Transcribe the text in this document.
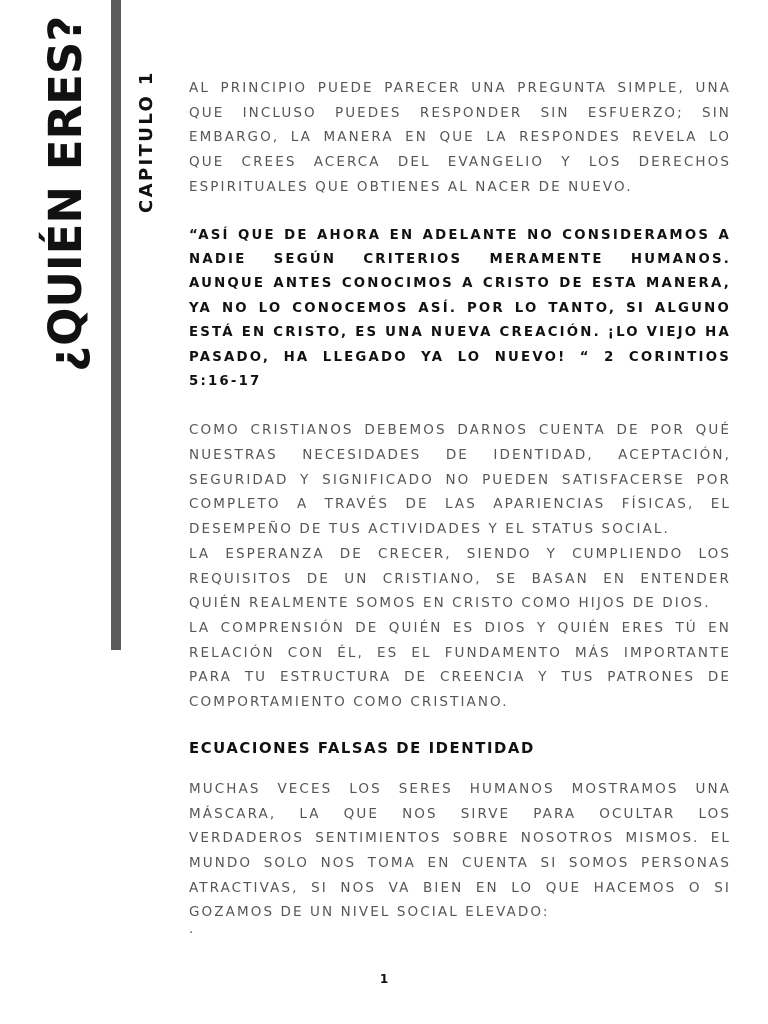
¿QUIÉN ERES? CAPITULO 1 AL PRINCIPIO PUEDE PARECER UNA PREGUNTA SIMPLE, UNA QUE INCLUSO PUEDES RESPONDER SIN ESFUERZO; SIN EMBARGO, LA MANERA EN QUE LA RESPONDES REVELA LO QUE CREES ACERCA DEL EVANGELIO Y LOS DERECHOS ESPIRITUALES QUE OBTIENES AL NACER DE NUEVO.

“ASÍ QUE DE AHORA EN ADELANTE NO CONSIDERAMOS A NADIE SEGÚN CRITERIOS MERAMENTE HUMANOS. AUNQUE ANTES CONOCIMOS A CRISTO DE ESTA MANERA, YA NO LO CONOCEMOS ASÍ. POR LO TANTO, SI ALGUNO ESTÁ EN CRISTO, ES UNA NUEVA CREACIÓN. ¡LO VIEJO HA PASADO, HA LLEGADO YA LO NUEVO! “ 2 CORINTIOS 5:16-17

COMO CRISTIANOS DEBEMOS DARNOS CUENTA DE POR QUÉ NUESTRAS NECESIDADES DE IDENTIDAD, ACEPTACIÓN, SEGURIDAD Y SIGNIFICADO NO PUEDEN SATISFACERSE POR COMPLETO A TRAVÉS DE LAS APARIENCIAS FÍSICAS, EL DESEMPEÑO DE TUS ACTIVIDADES Y EL STATUS SOCIAL.

LA ESPERANZA DE CRECER, SIENDO Y CUMPLIENDO LOS REQUISITOS DE UN CRISTIANO, SE BASAN EN ENTENDER QUIÉN REALMENTE SOMOS EN CRISTO COMO HIJOS DE DIOS.

LA COMPRENSIÓN DE QUIÉN ES DIOS Y QUIÉN ERES TÚ EN RELACIÓN CON ÉL, ES EL FUNDAMENTO MÁS IMPORTANTE PARA TU ESTRUCTURA DE CREENCIA Y TUS PATRONES DE COMPORTAMIENTO COMO CRISTIANO.

ECUACIONES FALSAS DE IDENTIDAD

MUCHAS VECES LOS SERES HUMANOS MOSTRAMOS UNA MÁSCARA, LA QUE NOS SIRVE PARA OCULTAR LOS VERDADEROS SENTIMIENTOS SOBRE NOSOTROS MISMOS. EL MUNDO SOLO NOS TOMA EN CUENTA SI SOMOS PERSONAS ATRACTIVAS, SI NOS VA BIEN EN LO QUE HACEMOS O SI GOZAMOS DE UN NIVEL SOCIAL ELEVADO:

.
1
